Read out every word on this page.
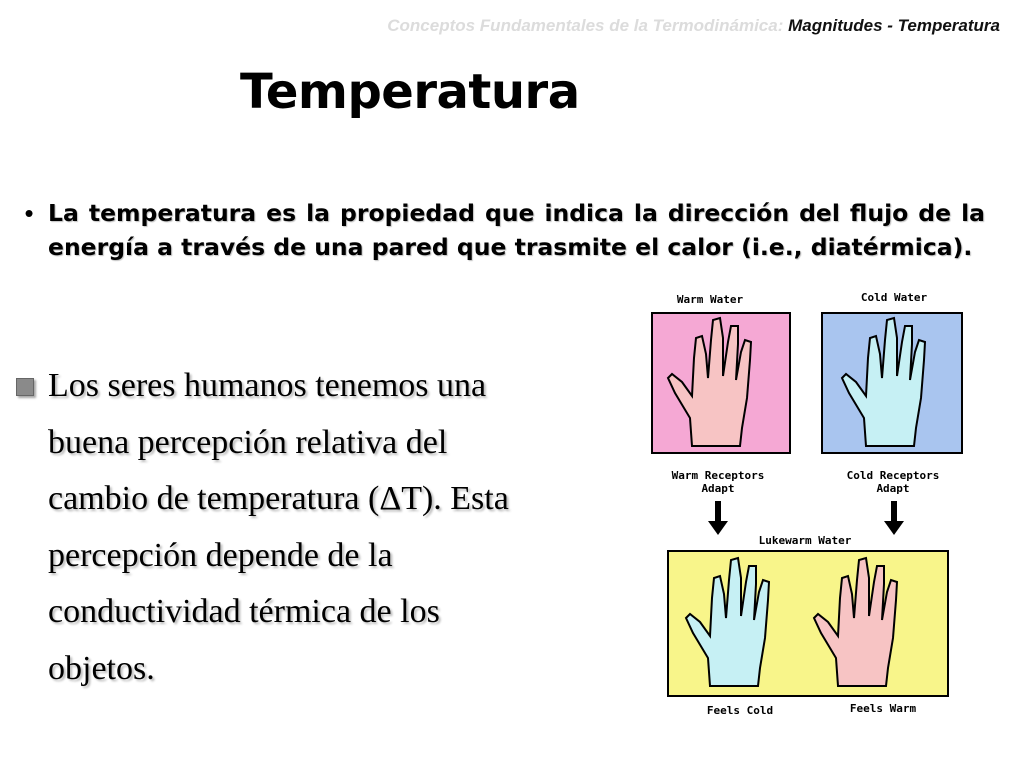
Conceptos Fundamentales de la Termodinámica: Magnitudes - Temperatura
Temperatura
• La temperatura es la propiedad que indica la dirección del flujo de la energía a través de una pared que trasmite el calor (i.e., diatérmica).
Los seres humanos tenemos una
buena percepción relativa del
cambio de temperatura (ΔT). Esta
percepción depende de la
conductividad térmica de los
objetos.
Warm Water	Cold Water
Warm Receptors
Adapt
Cold Receptors
Adapt
Lukewarm Water
Feels Cold	Feels Warm
